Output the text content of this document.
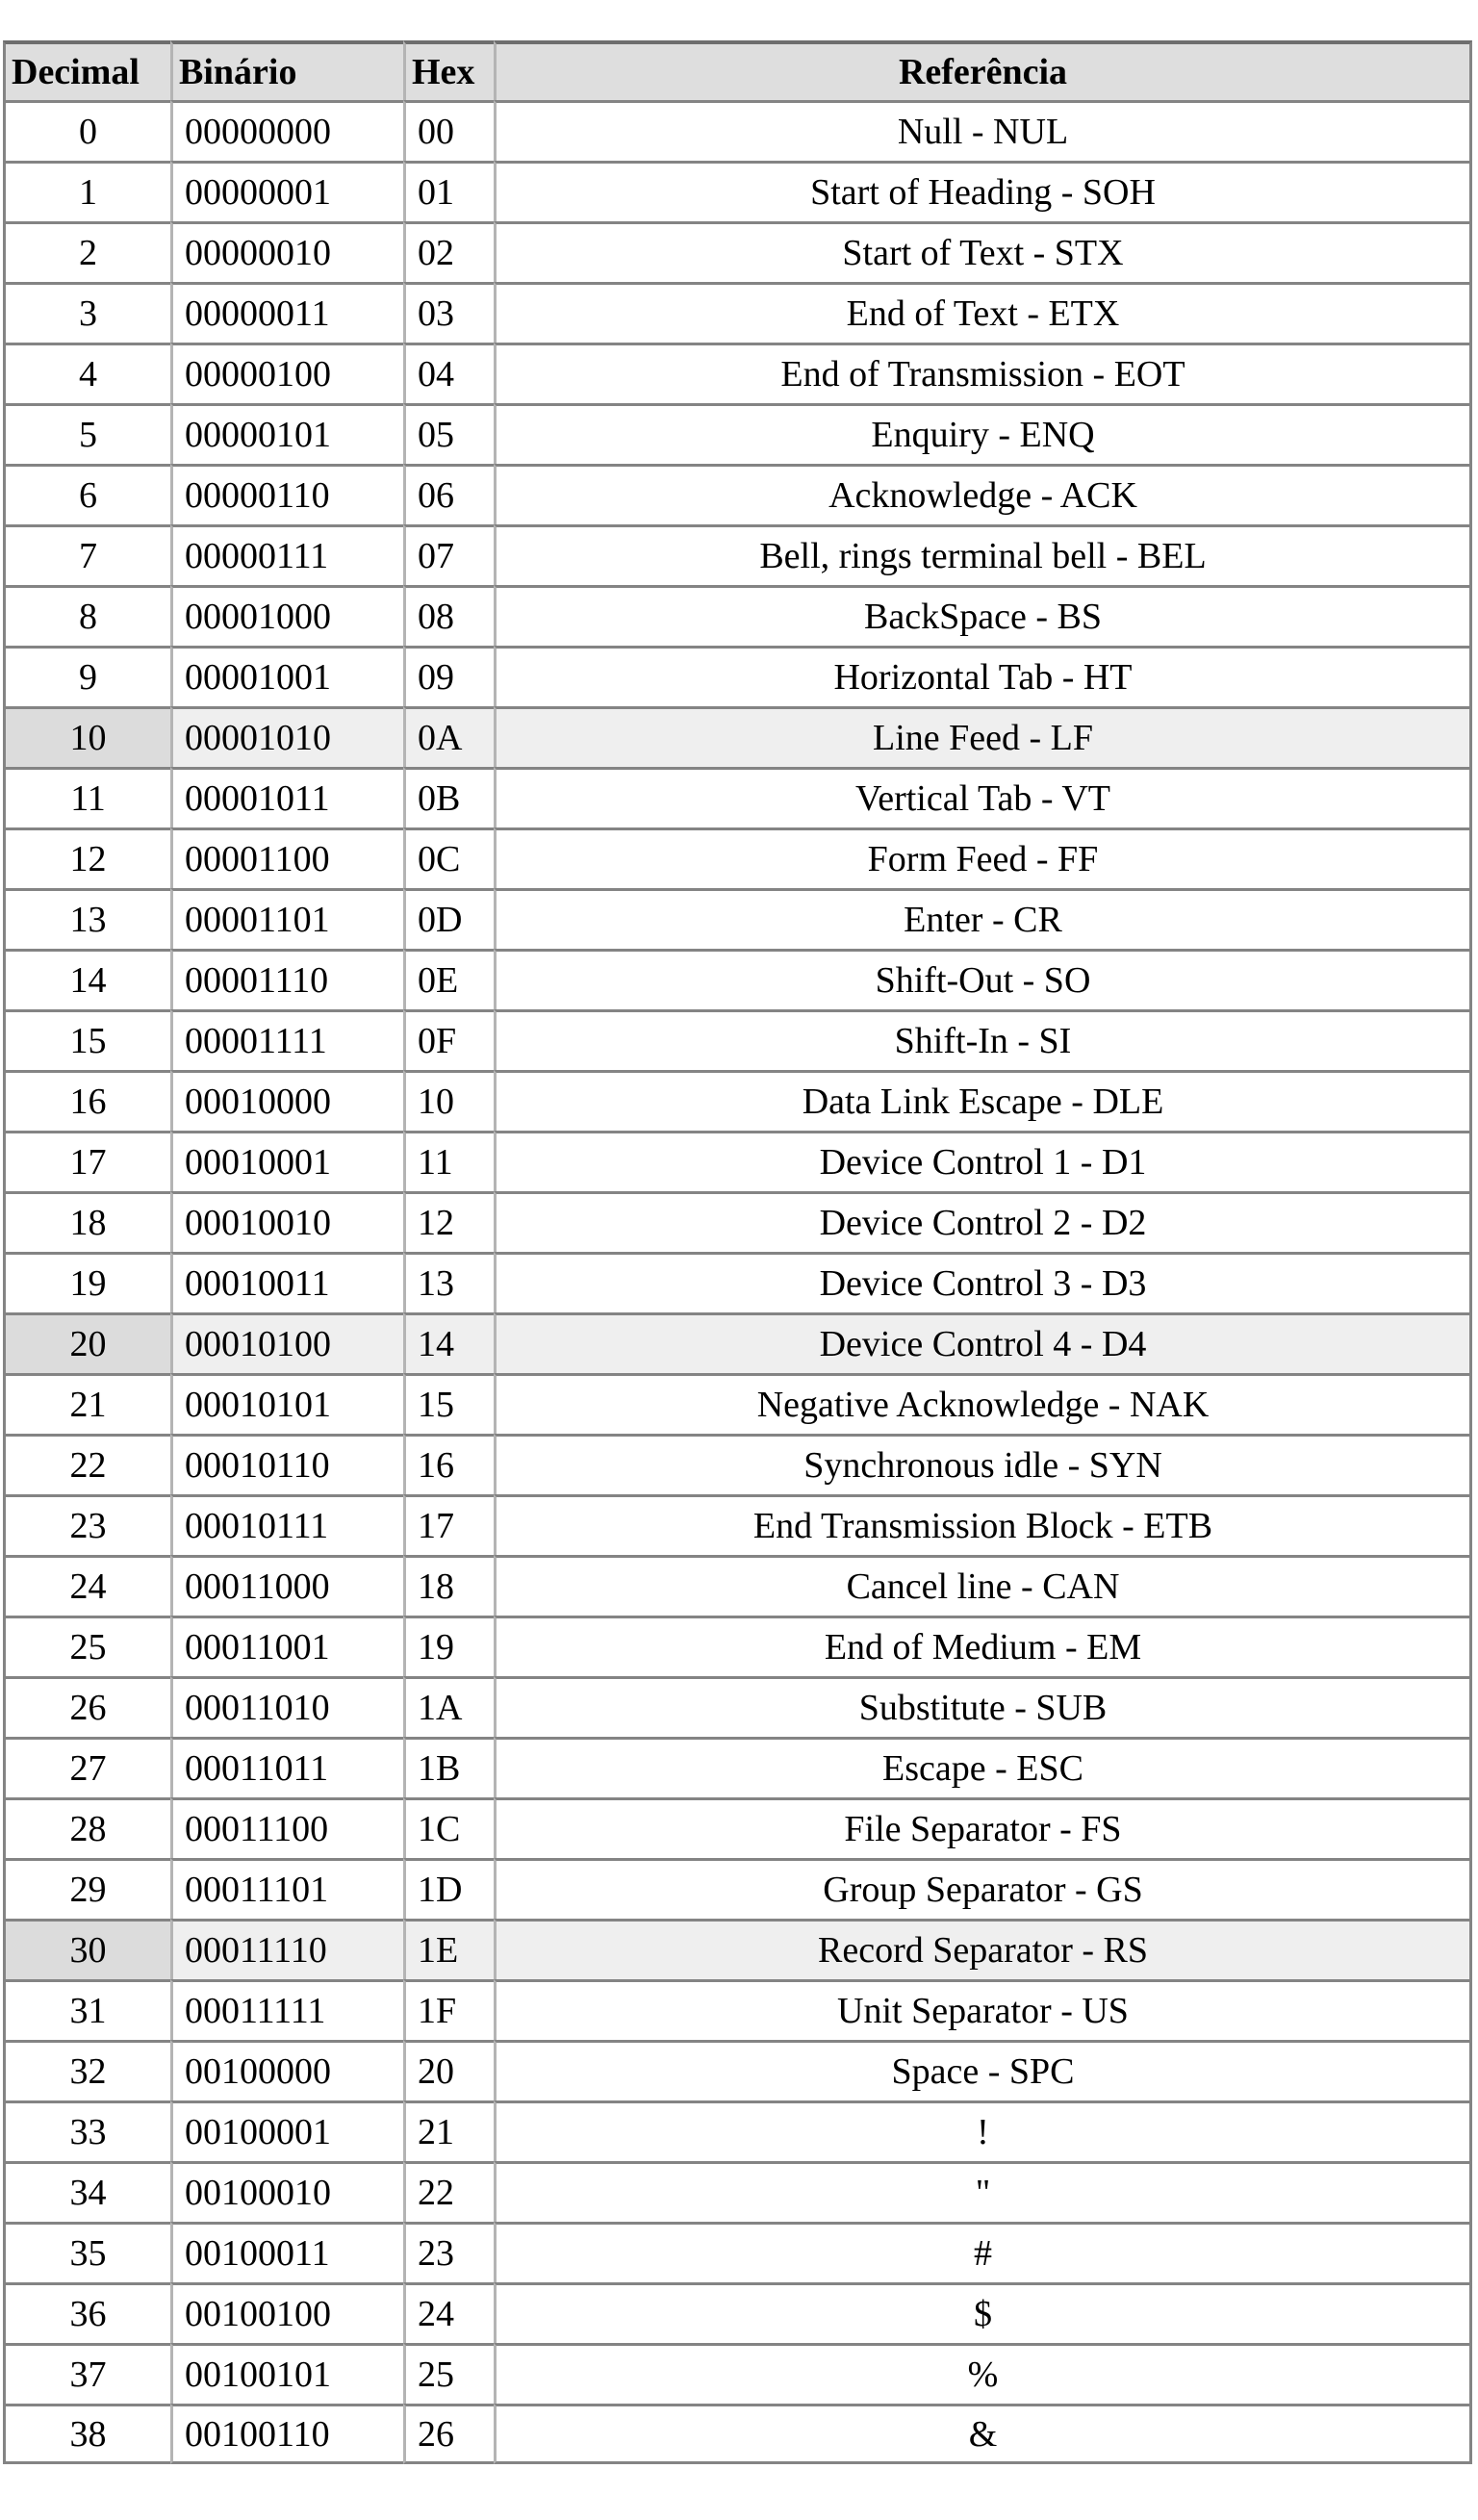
Decimal	Binário	Hex	Referência
0	00000000	00	Null - NUL
1	00000001	01	Start of Heading - SOH
2	00000010	02	Start of Text - STX
3	00000011	03	End of Text - ETX
4	00000100	04	End of Transmission - EOT
5	00000101	05	Enquiry - ENQ
6	00000110	06	Acknowledge - ACK
7	00000111	07	Bell, rings terminal bell - BEL
8	00001000	08	BackSpace - BS
9	00001001	09	Horizontal Tab - HT
10	00001010	0A	Line Feed - LF
11	00001011	0B	Vertical Tab - VT
12	00001100	0C	Form Feed - FF
13	00001101	0D	Enter - CR
14	00001110	0E	Shift-Out - SO
15	00001111	0F	Shift-In - SI
16	00010000	10	Data Link Escape - DLE
17	00010001	11	Device Control 1 - D1
18	00010010	12	Device Control 2 - D2
19	00010011	13	Device Control 3 - D3
20	00010100	14	Device Control 4 - D4
21	00010101	15	Negative Acknowledge - NAK
22	00010110	16	Synchronous idle - SYN
23	00010111	17	End Transmission Block - ETB
24	00011000	18	Cancel line - CAN
25	00011001	19	End of Medium - EM
26	00011010	1A	Substitute - SUB
27	00011011	1B	Escape - ESC
28	00011100	1C	File Separator - FS
29	00011101	1D	Group Separator - GS
30	00011110	1E	Record Separator - RS
31	00011111	1F	Unit Separator - US
32	00100000	20	Space - SPC
33	00100001	21	!
34	00100010	22	"
35	00100011	23	#
36	00100100	24	$
37	00100101	25	%
38	00100110	26	&
